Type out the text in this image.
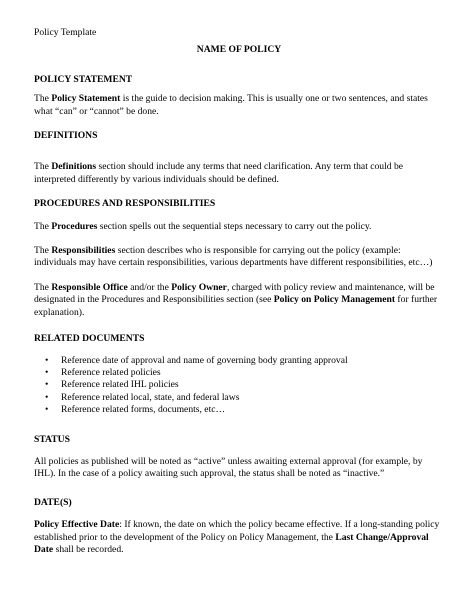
Policy Template
NAME OF POLICY
POLICY STATEMENT

The Policy Statement is the guide to decision making. This is usually one or two sentences, and states what “can” or “cannot” be done.

DEFINITIONS

The Definitions section should include any terms that need clarification. Any term that could be interpreted differently by various individuals should be defined.

PROCEDURES AND RESPONSIBILITIES

The Procedures section spells out the sequential steps necessary to carry out the policy.

The Responsibilities section describes who is responsible for carrying out the policy (example: individuals may have certain responsibilities, various departments have different responsibilities, etc…)

The Responsible Office and/or the Policy Owner, charged with policy review and maintenance, will be designated in the Procedures and Responsibilities section (see Policy on Policy Management for further explanation).

RELATED DOCUMENTS
• Reference date of approval and name of governing body granting approval
• Reference related policies
• Reference related IHL policies
• Reference related local, state, and federal laws
• Reference related forms, documents, etc…
STATUS

All policies as published will be noted as “active” unless awaiting external approval (for example, by IHL). In the case of a policy awaiting such approval, the status shall be noted as “inactive.”

DATE(S)

Policy Effective Date: If known, the date on which the policy became effective. If a long-standing policy established prior to the development of the Policy on Policy Management, the Last Change/Approval Date shall be recorded.
